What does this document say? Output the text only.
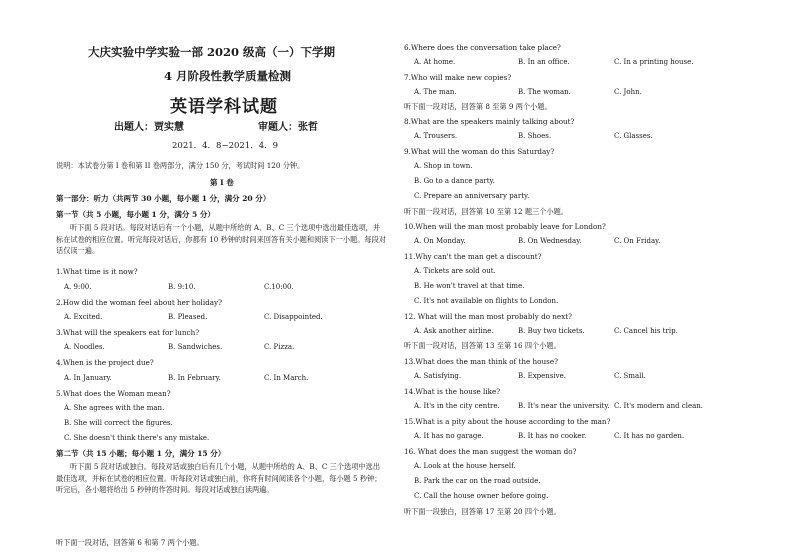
大庆实验中学实验一部 2020 级高（一）下学期
4 月阶段性教学质量检测
英语学科试题
出题人：贾实慧	审题人：张哲
2021．4．8−2021．4．9
说明：本试卷分第 I 卷和第 II 卷两部分，满分 150 分，考试时间 120 分钟。
第 I 卷
第一部分：听力（共两节 30 小题，每小题 1 分，满分 20 分）
第一节（共 5 小题，每小题 1 分，满分 5 分）
听下面 5 段对话。每段对话后有一个小题，从题中所给的 A、B、C 三个选项中选出最佳选项，并标在试卷的相应位置。听完每段对话后，你都有 10 秒钟的时间来回答有关小题和阅读下一小题。每段对话仅读一遍。
1.What time is it now?
A. 9:00.	B. 9:10.	C.10:00.
2.How did the woman feel about her holiday?
A. Excited.	B. Pleased.	C. Disappointed.
3.What will the speakers eat for lunch?
A. Noodles.	B. Sandwiches.	C. Pizza.
4.When is the project due?
A. In January.	B. In February.	C. In March.
5.What does the Woman mean?
A. She agrees with the man.
B. She will correct the figures.
C. She doesn't think there's any mistake.
第二节（共 15 小题；每小题 1 分，满分 15 分）
听下面 5 段对话或独白。每段对话或独白后有几个小题，从题中所给的 A、B、C 三个选项中选出最佳选项，并标在试卷的相应位置。听每段对话或独白前，你将有时间阅读各个小题，每小题 5 秒钟；听完后，各小题将给出 5 秒钟的作答时间。每段对话或独白读两遍。
听下面一段对话，回答第 6 和第 7 两个小题。
6.Where does the conversation take place?
A. At home.	B. In an office.	C. In a printing house.
7.Who will make new copies?
A. The man.	B. The woman.	C. John.
听下面一段对话，回答第 8 至第 9 两个小题。
8.What are the speakers mainly talking about?
A. Trousers.	B. Shoes.	C. Glasses.
9.What will the woman do this Saturday?
A. Shop in town.
B. Go to a dance party.
C. Prepare an anniversary party.
听下面一段对话，回答第 10 至第 12 题三个小题。
10.When will the man most probably leave for London?
A. On Monday.	B. On Wednesday.	C. On Friday.
11.Why can't the man get a discount?
A. Tickets are sold out.
B. He won't travel at that time.
C. It's not available on flights to London.
12. What will the man most probably do next?
A. Ask another airline.	B. Buy two tickets.	C. Cancel his trip.
听下面一段对话，回答第 13 至第 16 四个小题。
13.What does the man think of the house?
A. Satisfying.	B. Expensive.	C. Small.
14.What is the house like?
A. It's in the city centre.	B. It's near the university. C. It's modern and clean.
15.What is a pity about the house according to the man?
A. It has no garage.	B. It has no cooker.	C. It has no garden.
16. What does the man suggest the woman do?
A. Look at the house herself.
B. Park the car on the road outside.
C. Call the house owner before going.
听下面一段独白，回答第 17 至第 20 四个小题。
